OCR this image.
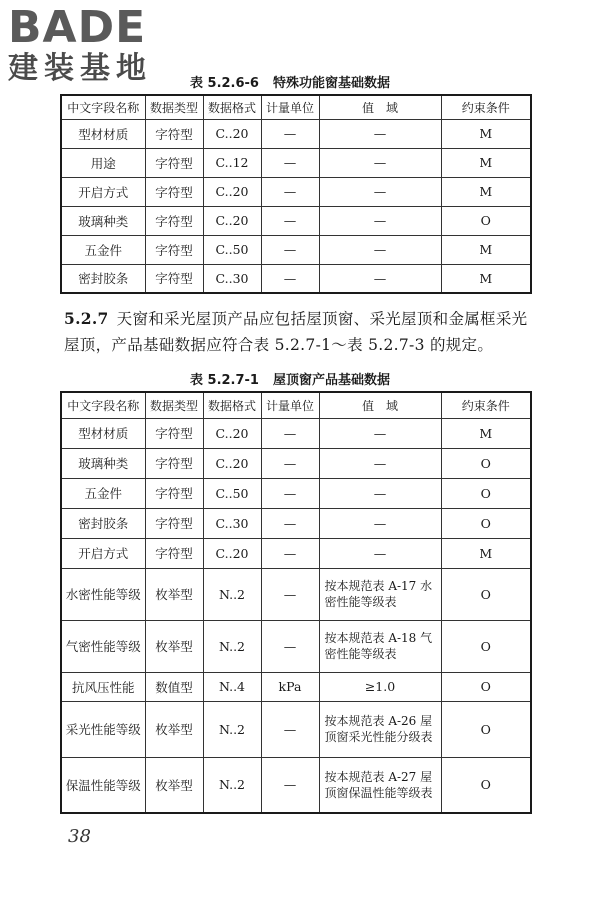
BADE
建装基地	表 5.2.6-6 特殊功能窗基础数据
中文字段名称	数据类型	数据格式	计量单位	值　域	约束条件
型材材质	字符型	C..20	—	—	M
用途	字符型	C..12	—	—	M
开启方式	字符型	C..20	—	—	M
玻璃种类	字符型	C..20	—	—	O
五金件	字符型	C..50	—	—	M
密封胶条	字符型	C..30	—	—	M
5.2.7 天窗和采光屋顶产品应包括屋顶窗、采光屋顶和金属框采光屋顶，产品基础数据应符合表 5.2.7-1～表 5.2.7-3 的规定。
表 5.2.7-1 屋顶窗产品基础数据
中文字段名称	数据类型	数据格式	计量单位	值　域	约束条件
型材材质	字符型	C..20	—	—	M
玻璃种类	字符型	C..20	—	—	O
五金件	字符型	C..50	—	—	O
密封胶条	字符型	C..30	—	—	O
开启方式	字符型	C..20	—	—	M
水密性能等级	枚举型	N..2	—	按本规范表 A-17 水密性能等级表	O
气密性能等级	枚举型	N..2	—	按本规范表 A-18 气密性能等级表	O
抗风压性能	数值型	N..4	kPa	≥1.0	O
采光性能等级	枚举型	N..2	—	按本规范表 A-26 屋顶窗采光性能分级表	O
保温性能等级	枚举型	N..2	—	按本规范表 A-27 屋顶窗保温性能等级表	O
38
